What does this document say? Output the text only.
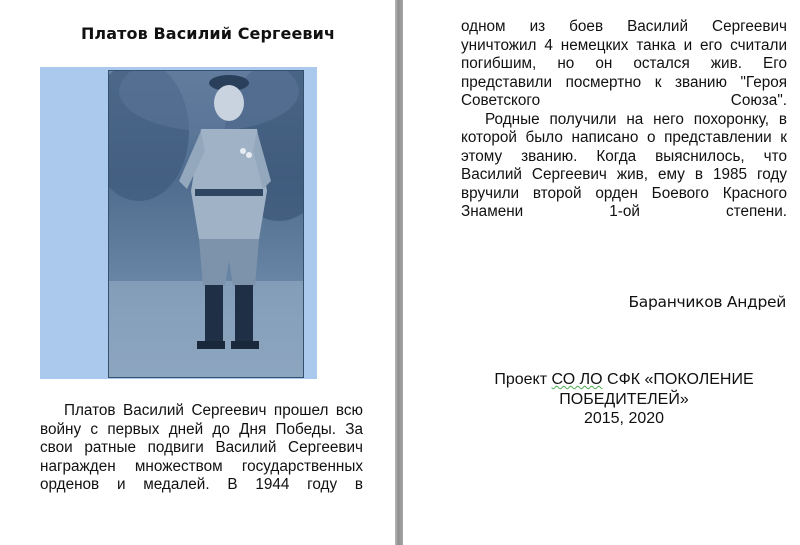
Платов Василий Сергеевич

Платов Василий Сергеевич прошел всю войну с первых дней до Дня Победы. За свои ратные подвиги Василий Сергеевич награжден множеством государственных орденов и медалей. В 1944 году в

одном из боев Василий Сергеевич уничтожил 4 немецких танка и его считали погибшим, но он остался жив. Его представили посмертно к званию "Героя Советского Союза".

Родные получили на него похоронку, в которой было написано о представлении к этому званию. Когда выяснилось, что Василий Сергеевич жив, ему в 1985 году вручили второй орден Боевого Красного Знамени 1-ой степени.

Баранчиков Андрей
Проект СО ЛО СФК «ПОКОЛЕНИЕ ПОБЕДИТЕЛЕЙ»
2015, 2020
